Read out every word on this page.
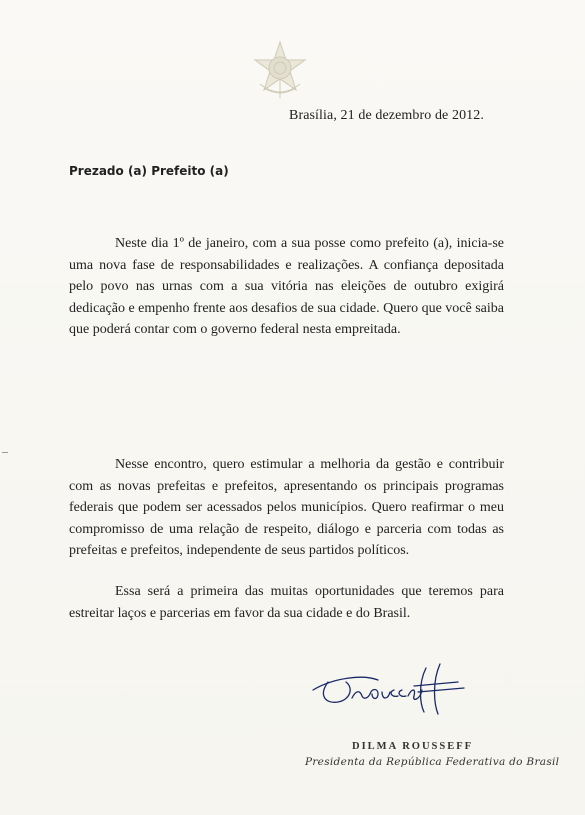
Brasília, 21 de dezembro de 2012.
Prezado (a) Prefeito (a)

Neste dia 1º de janeiro, com a sua posse como prefeito (a), inicia-se uma nova fase de responsabilidades e realizações. A confiança depositada pelo povo nas urnas com a sua vitória nas eleições de outubro exigirá dedicação e empenho frente aos desafios de sua cidade. Quero que você saiba que poderá contar com o governo federal nesta empreitada.

Nesse encontro, quero estimular a melhoria da gestão e contribuir com as novas prefeitas e prefeitos, apresentando os principais programas federais que podem ser acessados pelos municípios. Quero reafirmar o meu compromisso de uma relação de respeito, diálogo e parceria com todas as prefeitas e prefeitos, independente de seus partidos políticos.

Essa será a primeira das muitas oportunidades que teremos para estreitar laços e parcerias em favor da sua cidade e do Brasil.

DILMA ROUSSEFF
Presidenta da República Federativa do Brasil
